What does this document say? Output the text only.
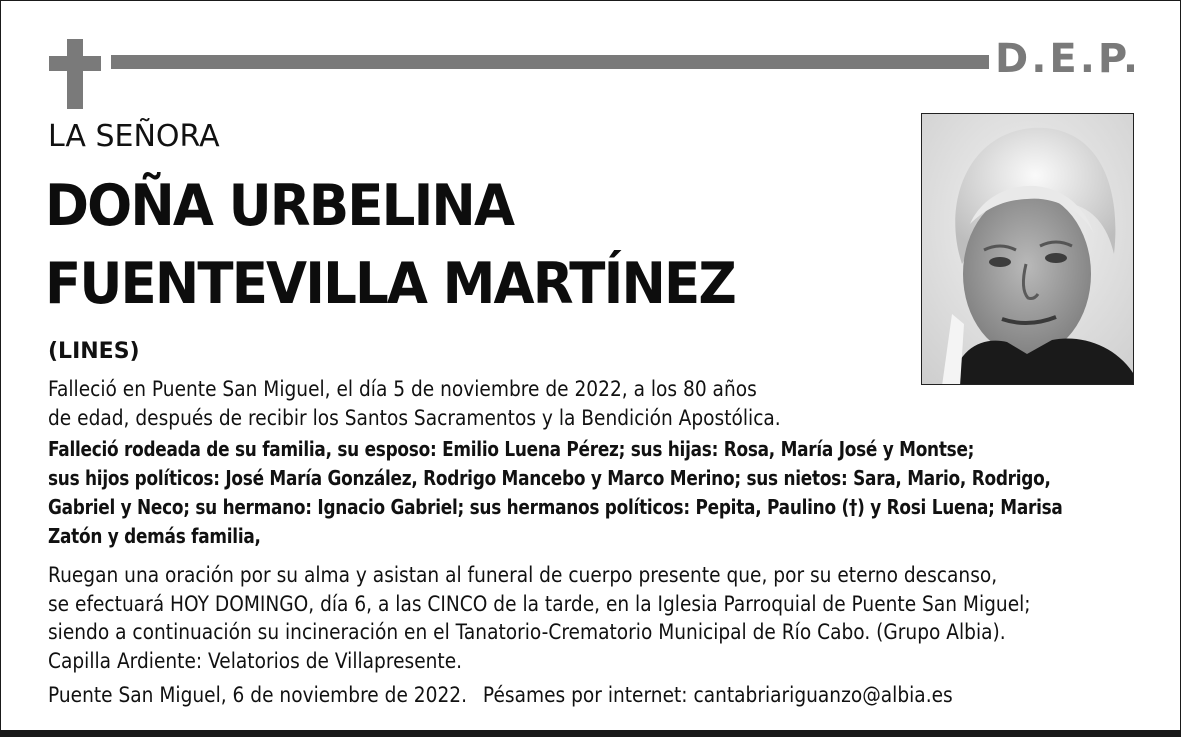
D.E.P.
LA SEÑORA
DOÑA URBELINA
FUENTEVILLA MARTÍNEZ
(LINES)
Falleció en Puente San Miguel, el día 5 de noviembre de 2022, a los 80 años
de edad, después de recibir los Santos Sacramentos y la Bendición Apostólica.
Falleció rodeada de su familia, su esposo: Emilio Luena Pérez; sus hijas: Rosa, María José y Montse;
sus hijos políticos: José María González, Rodrigo Mancebo y Marco Merino; sus nietos: Sara, Mario, Rodrigo,
Gabriel y Neco; su hermano: Ignacio Gabriel; sus hermanos políticos: Pepita, Paulino (†) y Rosi Luena; Marisa
Zatón y demás familia,
Ruegan una oración por su alma y asistan al funeral de cuerpo presente que, por su eterno descanso,
se efectuará HOY DOMINGO, día 6, a las CINCO de la tarde, en la Iglesia Parroquial de Puente San Miguel;
siendo a continuación su incineración en el Tanatorio-Crematorio Municipal de Río Cabo. (Grupo Albia).
Capilla Ardiente: Velatorios de Villapresente.
Puente San Miguel, 6 de noviembre de 2022. Pésames por internet: cantabriariguanzo@albia.es
